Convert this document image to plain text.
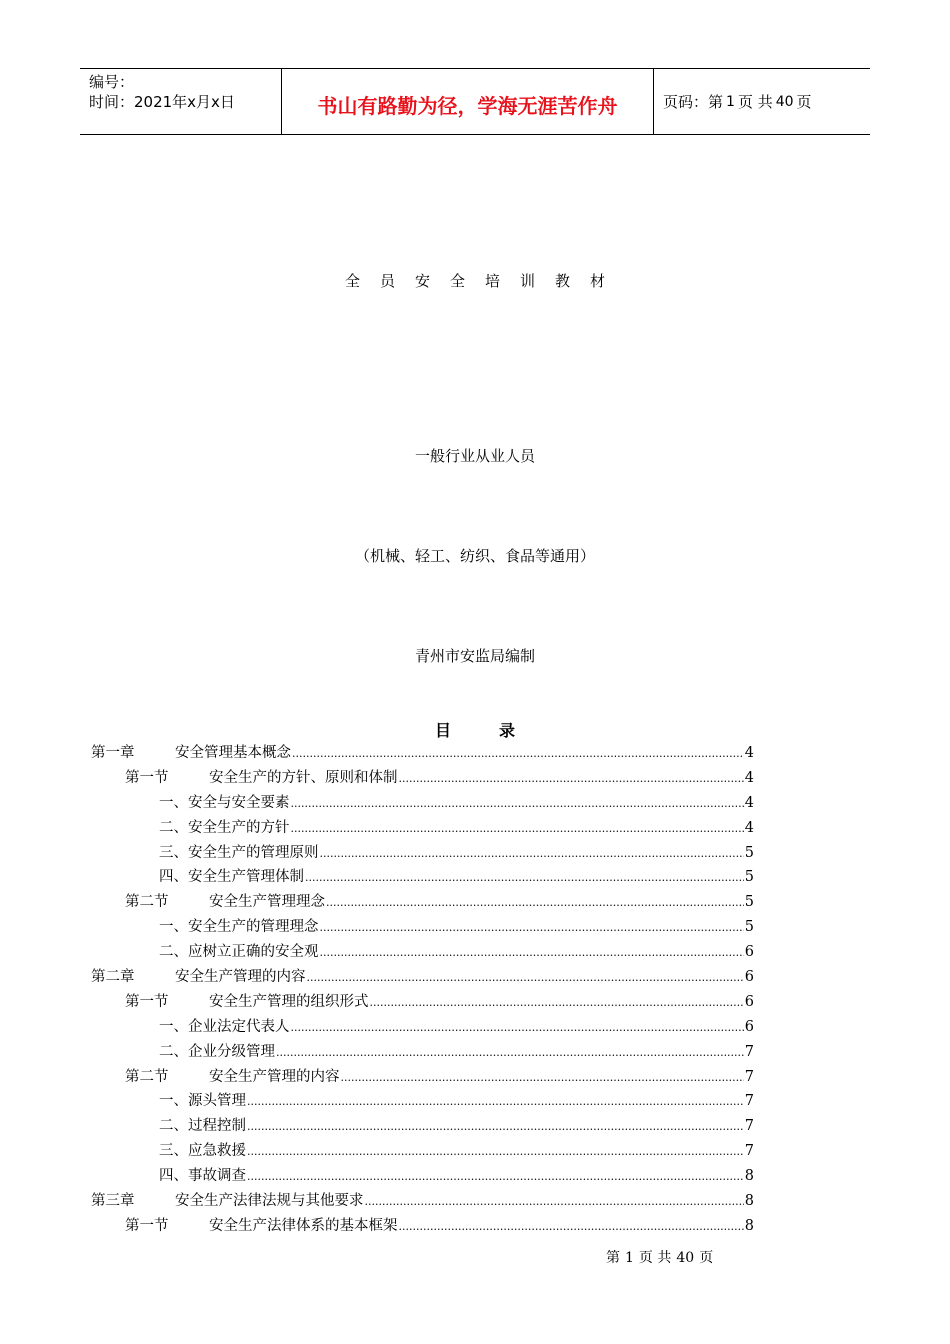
编号：
时间：2021年x月x日	书山有路勤为径，学海无涯苦作舟	页码：第 1 页 共 40 页
全员安全培训教材
一般行业从业人员
（机械、轻工、纺织、食品等通用）
青州市安监局编制
目录
第一章	安全管理基本概念 .....	4
第一节	安全生产的方针、原则和体制 .....	4
一、 安全与安全要素 .....	4
二、 安全生产的方针 .....	4
三、 安全生产的管理原则 .....	5
四、 安全生产管理体制 .....	5
第二节	安全生产管理理念 .....	5
一、 安全生产的管理理念 .....	5
二、 应树立正确的安全观 .....	6
第二章	安全生产管理的内容 .....	6
第一节	安全生产管理的组织形式 .....	6
一、 企业法定代表人 .....	6
二、 企业分级管理 .....	7
第二节	安全生产管理的内容 .....	7
一、 源头管理 .....	7
二、 过程控制 .....	7
三、 应急救援 .....	7
四、 事故调查 .....	8
第三章	安全生产法律法规与其他要求 .....	8
第一节	安全生产法律体系的基本框架 .....	8
第 1 页 共 40 页
